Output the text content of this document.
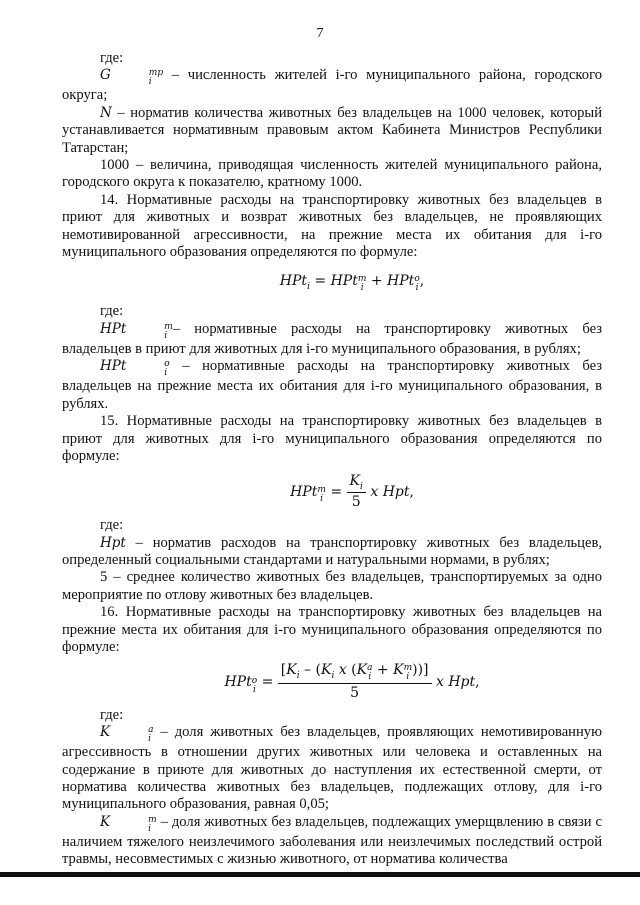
7

где:

G	mp
i – численность жителей i-го муниципального района, городского округа;

N – норматив количества животных без владельцев на 1000 человек, который устанавливается нормативным правовым актом Кабинета Министров Республики Татарстан;

1000 – величина, приводящая численность жителей муниципального района, городского округа к показателю, кратному 1000.

14. Нормативные расходы на транспортировку животных без владельцев в приют для животных и возврат животных без владельцев, не проявляющих немотивированной агрессивности, на прежние места их обитания для i-го муниципального образования определяются по формуле:

HPt$_i$ = HPt m
i + HPt o
i ,

где:

HPt	m
i – нормативные расходы на транспортировку животных без владельцев в приют для животных для i-го муниципального образования, в рублях;

HPt	o
i – нормативные расходы на транспортировку животных без владельцев на прежние места их обитания для i-го муниципального образования, в рублях.

15. Нормативные расходы на транспортировку животных без владельцев в приют для животных для i-го муниципального образования определяются по формуле:

HPt m
$i = \frac{K_i}{5}$ x Hpt,

где:

Hpt – норматив расходов на транспортировку животных без владельцев, определенный социальными стандартами и натуральными нормами, в рублях;

5 – среднее количество животных без владельцев, транспортируемых за одно мероприятие по отлову животных без владельцев.

16. Нормативные расходы на транспортировку животных без владельцев на прежние места их обитания для i-го муниципального образования определяются по формуле:

HPt o
$i = [K_i - (K_i$ x (K a
i + K m
i ))]
5 x Hpt,

где:

K	a
i – доля животных без владельцев, проявляющих немотивированную агрессивность в отношении других животных или человека и оставленных на содержание в приюте для животных до наступления их естественной смерти, от норматива количества животных без владельцев, подлежащих отлову, для i-го муниципального образования, равная 0,05;

K	m
i – доля животных без владельцев, подлежащих умерщвлению в связи с наличием тяжелого неизлечимого заболевания или неизлечимых последствий острой травмы, несовместимых с жизнью животного, от норматива количества
